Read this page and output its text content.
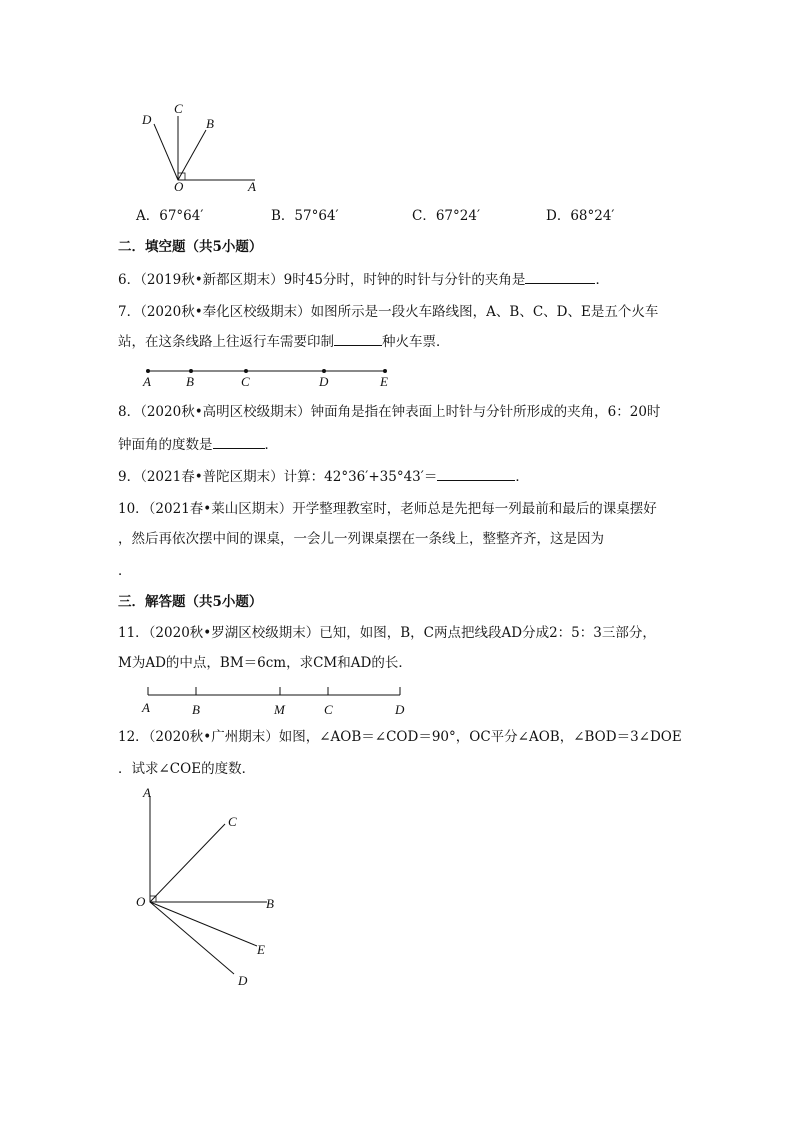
D
C
B
O	A
A．67°64′	B．57°64′	C．67°24′	D．68°24′
二．填空题（共5小题）
6．（2019秋•新都区期末）9时45分时，时钟的时针与分针的夹角是	．
7．（2020秋•奉化区校级期末）如图所示是一段火车路线图，A、B、C、D、E是五个火车
站，在这条线路上往返行车需要印制	种火车票．
A	B	C	D	E
8．（2020秋•高明区校级期末）钟面角是指在钟表面上时针与分针所形成的夹角，6：20时
钟面角的度数是	．
9．（2021春•普陀区期末）计算：42°36′+35°43′＝	．
10．（2021春•莱山区期末）开学整理教室时，老师总是先把每一列最前和最后的课桌摆好
，然后再依次摆中间的课桌，一会儿一列课桌摆在一条线上，整整齐齐，这是因为
．
三．解答题（共5小题）
11．（2020秋•罗湖区校级期末）已知，如图，B，C两点把线段AD分成2：5：3三部分，
M为AD的中点，BM＝6cm，求CM和AD的长．
A	B	M	C	D
12．（2020秋•广州期末）如图，∠AOB＝∠COD＝90°，OC平分∠AOB，∠BOD＝3∠DOE
．试求∠COE的度数．
A
C
O	B
E
D
